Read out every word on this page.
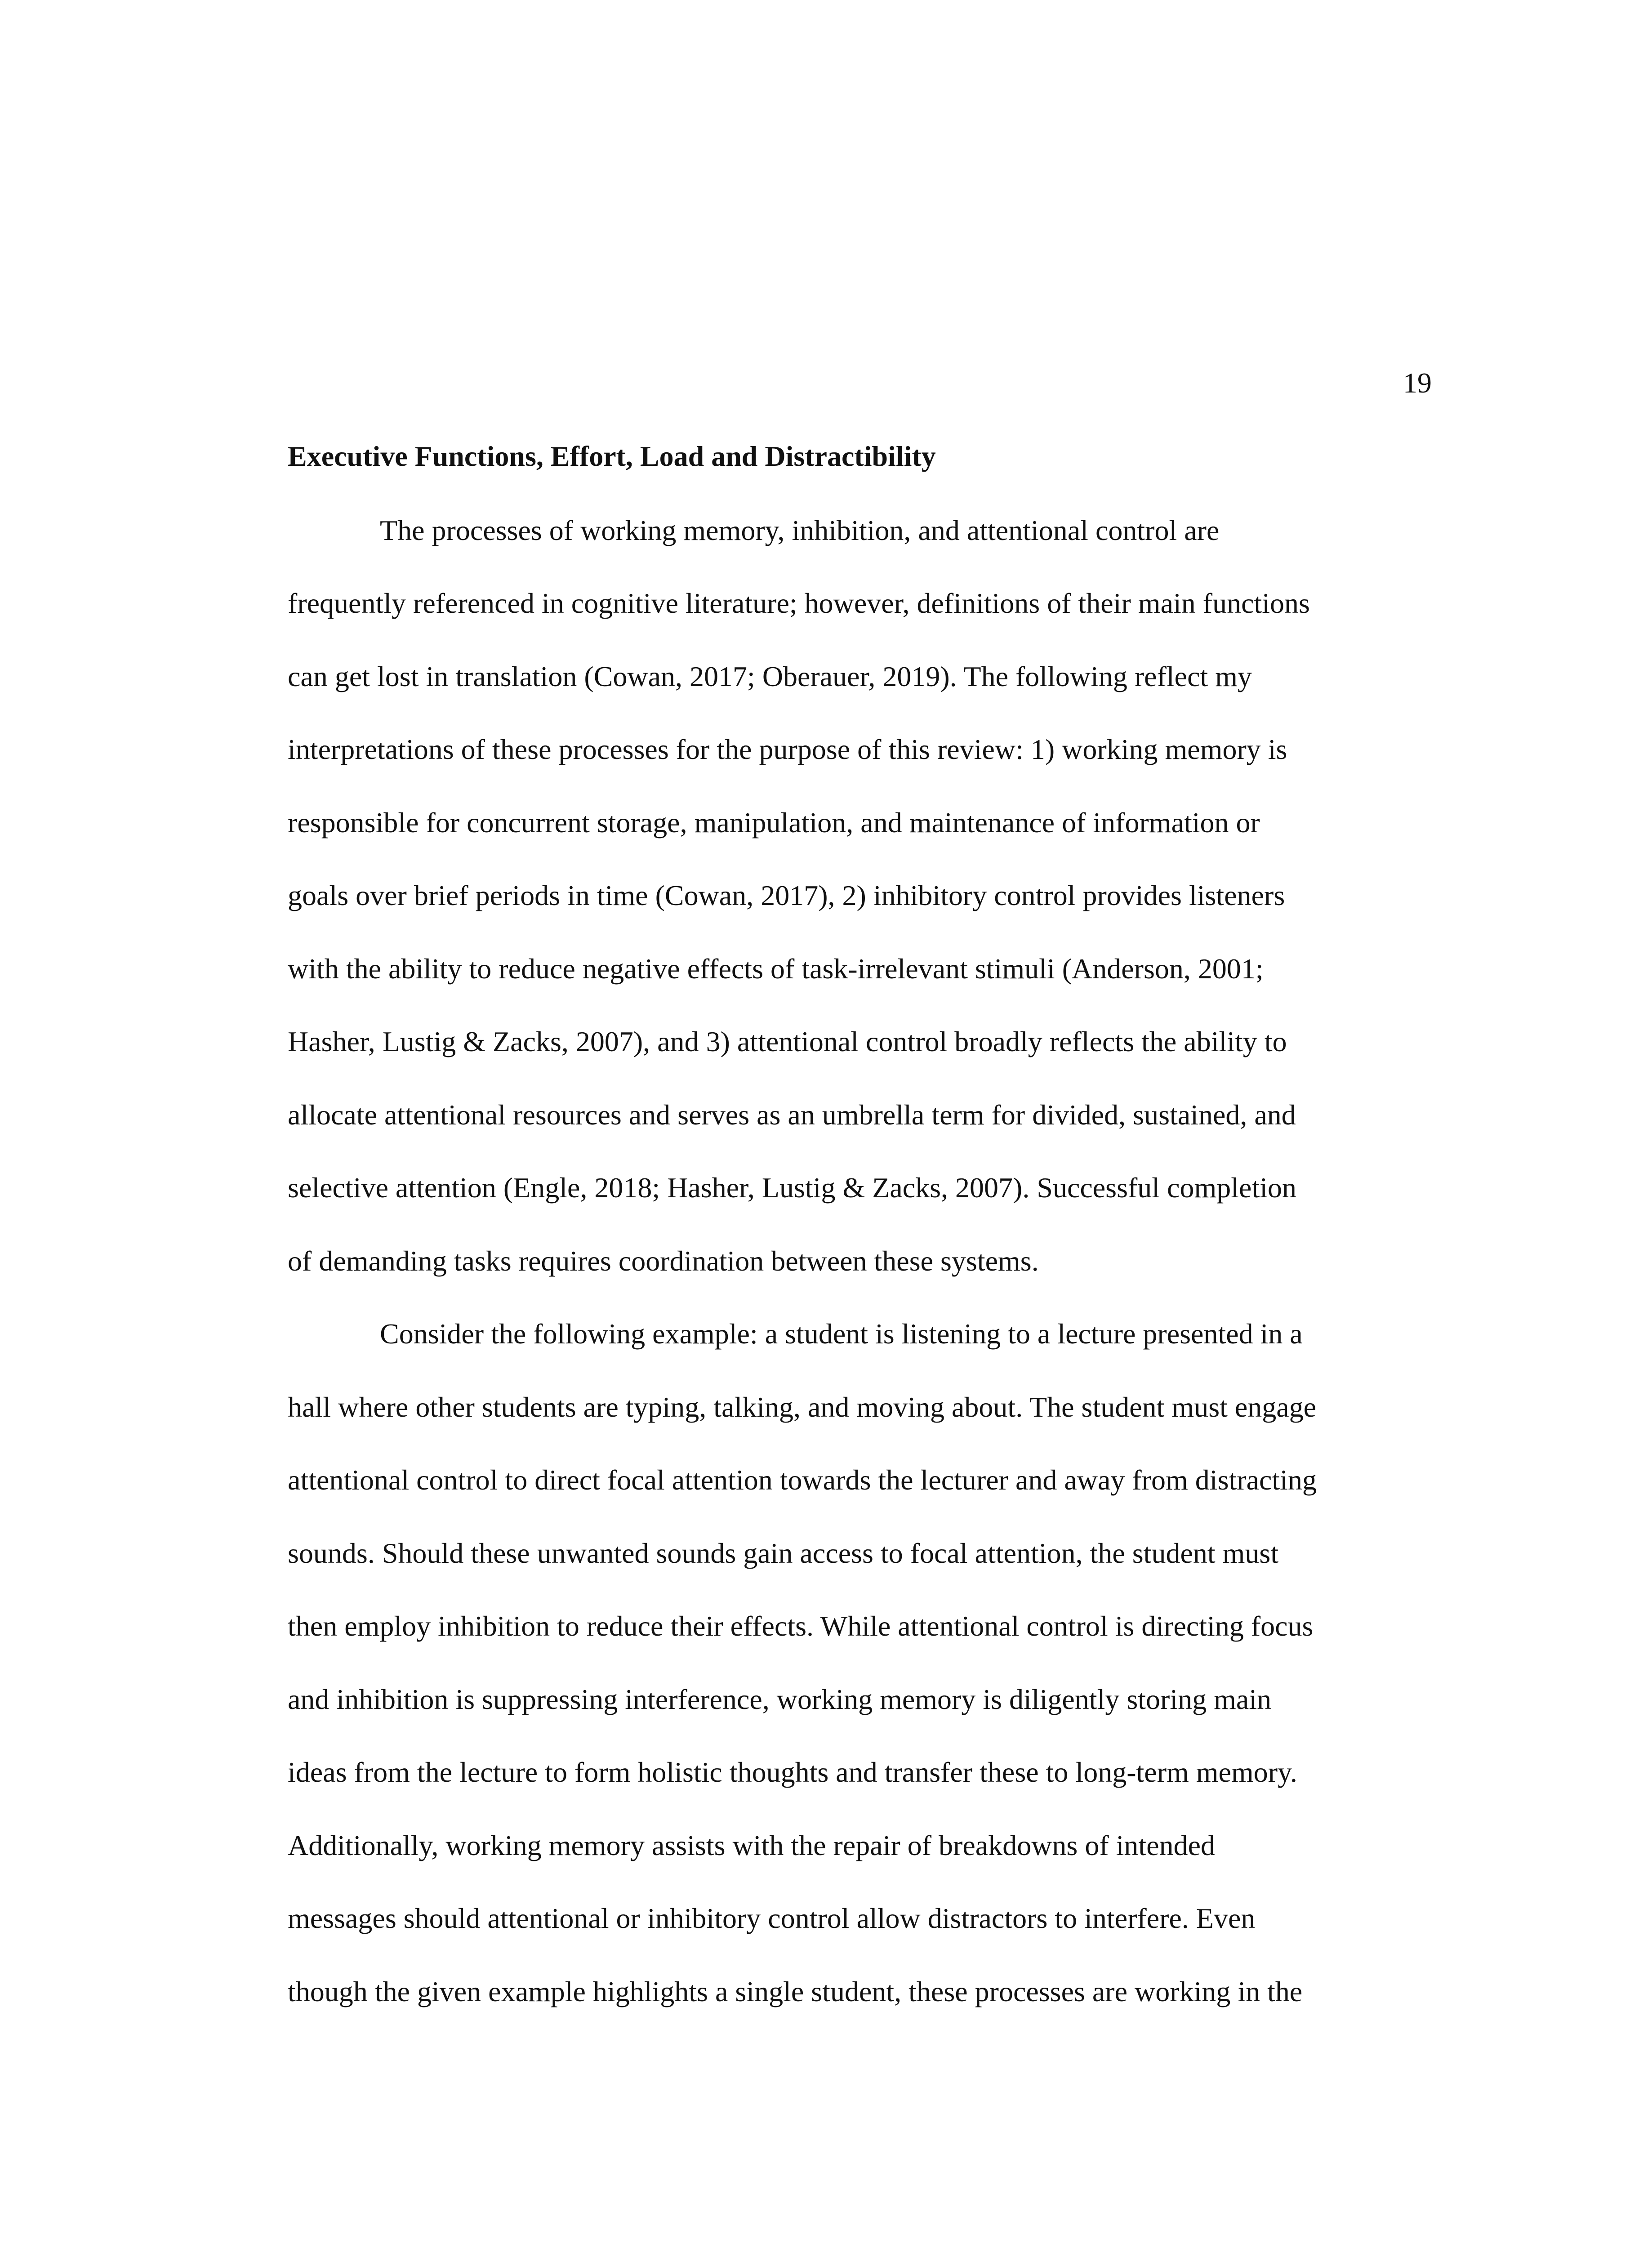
19
Executive Functions, Effort, Load and Distractibility

The processes of working memory, inhibition, and attentional control are

frequently referenced in cognitive literature; however, definitions of their main functions

can get lost in translation (Cowan, 2017; Oberauer, 2019). The following reflect my

interpretations of these processes for the purpose of this review: 1) working memory is

responsible for concurrent storage, manipulation, and maintenance of information or

goals over brief periods in time (Cowan, 2017), 2) inhibitory control provides listeners

with the ability to reduce negative effects of task-irrelevant stimuli (Anderson, 2001;

Hasher, Lustig & Zacks, 2007), and 3) attentional control broadly reflects the ability to

allocate attentional resources and serves as an umbrella term for divided, sustained, and

selective attention (Engle, 2018; Hasher, Lustig & Zacks, 2007). Successful completion

of demanding tasks requires coordination between these systems.

Consider the following example: a student is listening to a lecture presented in a

hall where other students are typing, talking, and moving about. The student must engage

attentional control to direct focal attention towards the lecturer and away from distracting

sounds. Should these unwanted sounds gain access to focal attention, the student must

then employ inhibition to reduce their effects. While attentional control is directing focus

and inhibition is suppressing interference, working memory is diligently storing main

ideas from the lecture to form holistic thoughts and transfer these to long-term memory.

Additionally, working memory assists with the repair of breakdowns of intended

messages should attentional or inhibitory control allow distractors to interfere. Even

though the given example highlights a single student, these processes are working in the
